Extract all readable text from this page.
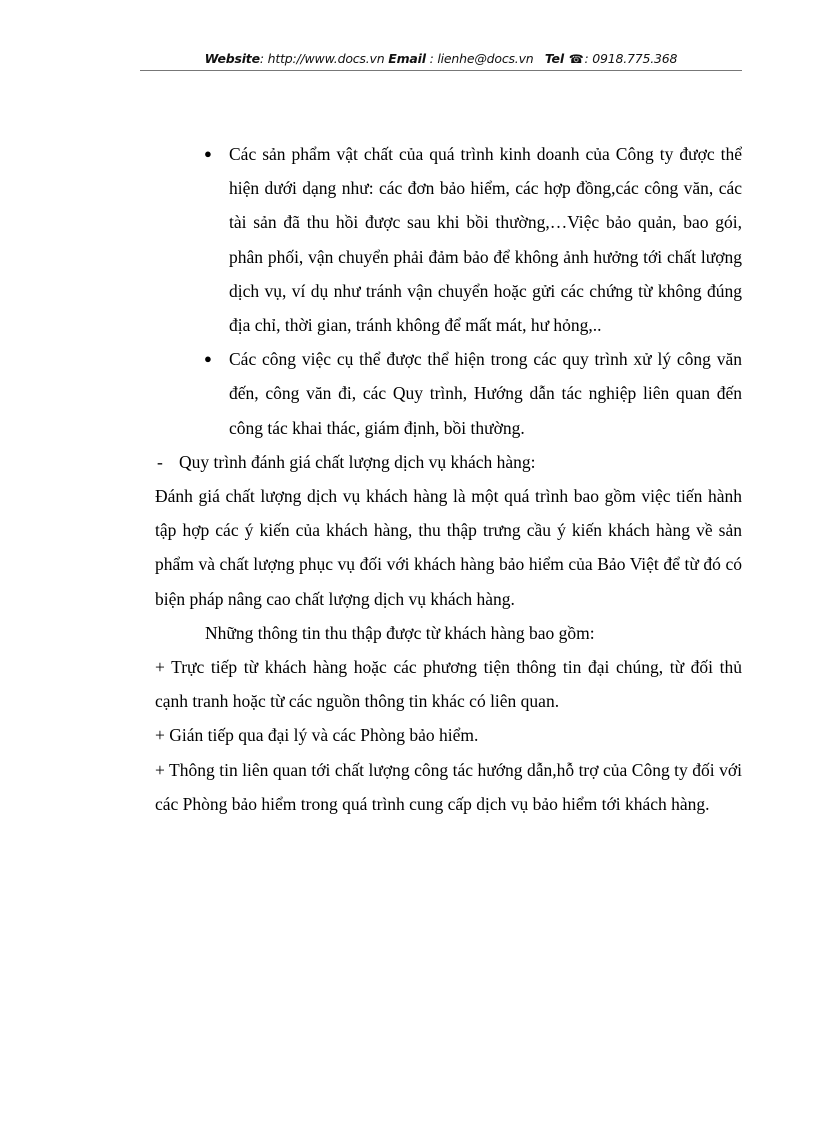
Website: http://www.docs.vn Email : lienhe@docs.vn Tel ☎: 0918.775.368
● Các sản phẩm vật chất của quá trình kinh doanh của Công ty được thể hiện dưới dạng như: các đơn bảo hiểm, các hợp đồng,các công văn, các tài sản đã thu hồi được sau khi bồi thường,…Việc bảo quản, bao gói, phân phối, vận chuyển phải đảm bảo để không ảnh hưởng tới chất lượng dịch vụ, ví dụ như tránh vận chuyển hoặc gửi các chứng từ không đúng địa chỉ, thời gian, tránh không để mất mát, hư hỏng,..
● Các công việc cụ thể được thể hiện trong các quy trình xử lý công văn đến, công văn đi, các Quy trình, Hướng dẫn tác nghiệp liên quan đến công tác khai thác, giám định, bồi thường.
- Quy trình đánh giá chất lượng dịch vụ khách hàng:

Đánh giá chất lượng dịch vụ khách hàng là một quá trình bao gồm việc tiến hành tập hợp các ý kiến của khách hàng, thu thập trưng cầu ý kiến khách hàng về sản phẩm và chất lượng phục vụ đối với khách hàng bảo hiểm của Bảo Việt để từ đó có biện pháp nâng cao chất lượng dịch vụ khách hàng.

Những thông tin thu thập được từ khách hàng bao gồm:

+ Trực tiếp từ khách hàng hoặc các phương tiện thông tin đại chúng, từ đối thủ cạnh tranh hoặc từ các nguồn thông tin khác có liên quan.

+ Gián tiếp qua đại lý và các Phòng bảo hiểm.

+ Thông tin liên quan tới chất lượng công tác hướng dẫn,hỗ trợ của Công ty đối với các Phòng bảo hiểm trong quá trình cung cấp dịch vụ bảo hiểm tới khách hàng.
